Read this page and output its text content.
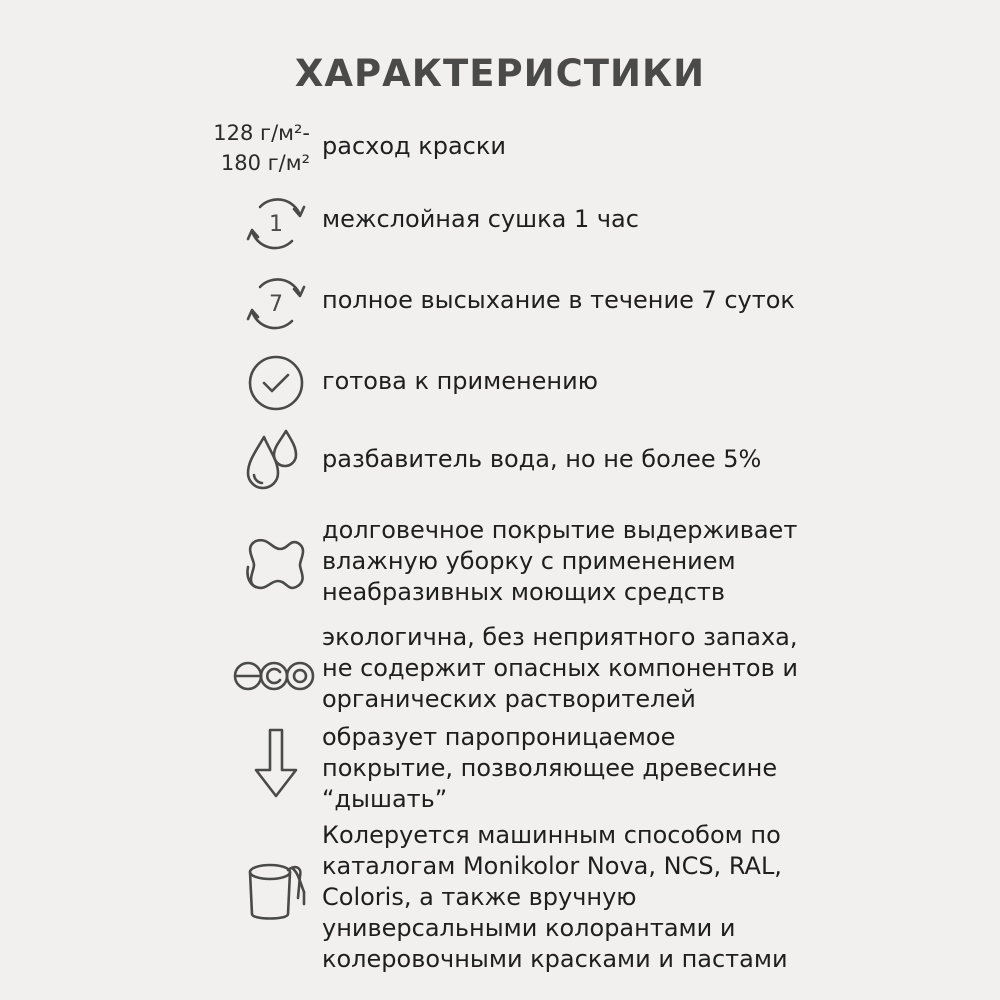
ХАРАКТЕРИСТИКИ
128 г/м²-
180 г/м²
расход краски
1 межслойная сушка 1 час
7 полное высыхание в течение 7 суток
готова к применению
разбавитель вода, но не более 5%
долговечное покрытие выдерживает
влажную уборку с применением
неабразивных моющих средств
экологична, без неприятного запаха,
не содержит опасных компонентов и
органических растворителей
образует паропроницаемое
покрытие, позволяющее древесине
“дышать”
Колеруется машинным способом по
каталогам Monikolor Nova, NCS, RAL,
Coloris, а также вручную
универсальными колорантами и
колеровочными красками и пастами
